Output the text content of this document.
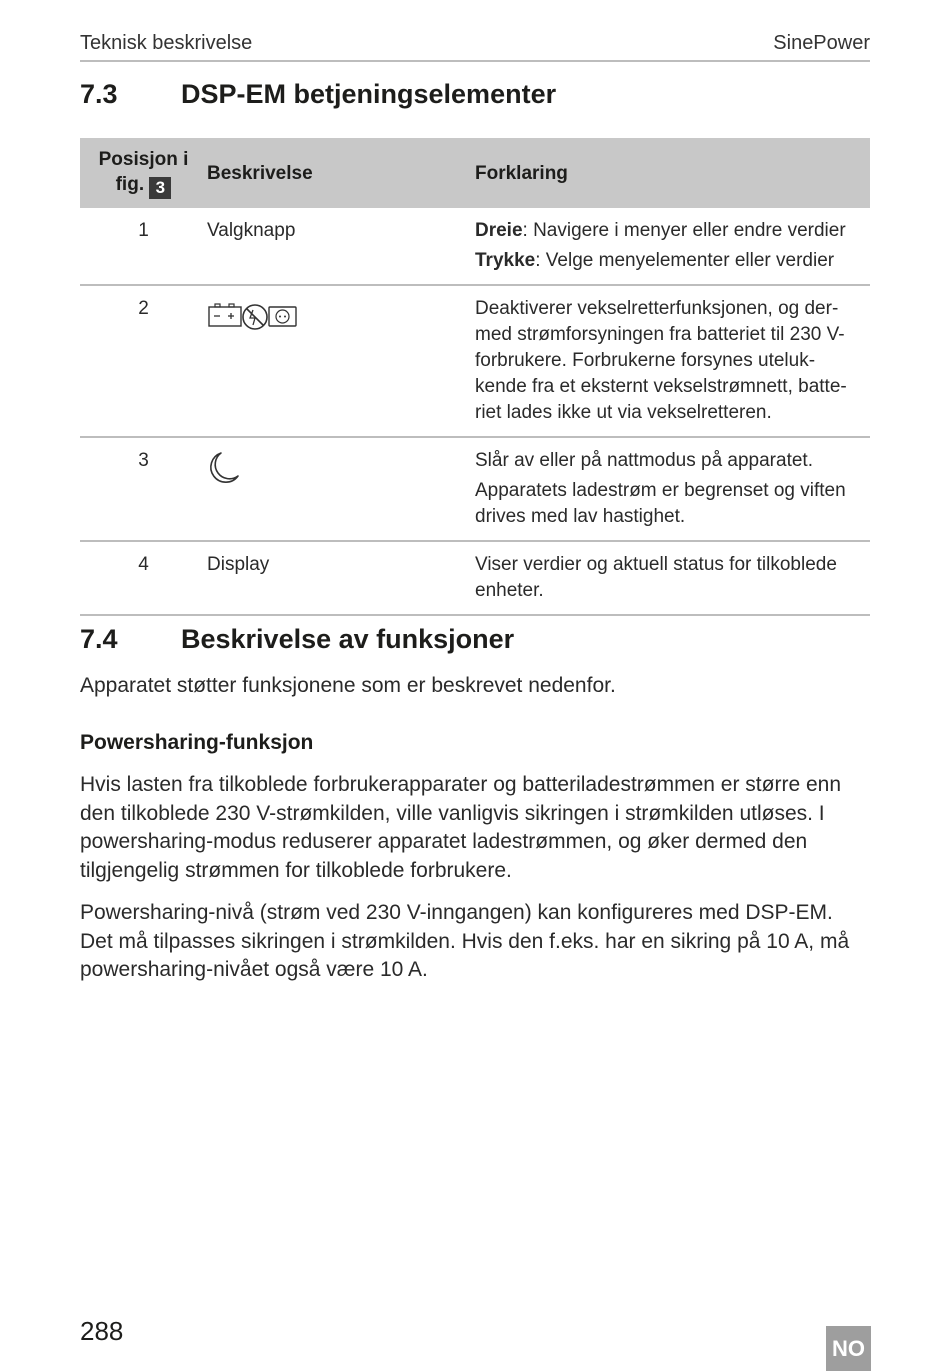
Teknisk beskrivelse	SinePower
7.3 DSP-EM betjeningselementer
Posisjon i
fig. 3	Beskrivelse	Forklaring
1	Valgknapp	Dreie: Navigere i menyer eller endre verdier

Trykke: Velge menyelementer eller verdier

2		Deaktiverer vekselretterfunksjonen, og der-med strømforsyningen fra batteriet til 230 V-forbrukere. Forbrukerne forsynes uteluk-kende fra et eksternt vekselstrømnett, batte-riet lades ikke ut via vekselretteren.
3		Slår av eller på nattmodus på apparatet.

Apparatets ladestrøm er begrenset og viften drives med lav hastighet.

4	Display	Viser verdier og aktuell status for tilkoblede enheter.
7.4 Beskrivelse av funksjoner
Apparatet støtter funksjonene som er beskrevet nedenfor.
Powersharing-funksjon

Hvis lasten fra tilkoblede forbrukerapparater og batteriladestrømmen er større enn den tilkoblede 230 V-strømkilden, ville vanligvis sikringen i strømkilden utløses. I powersharing-modus reduserer apparatet ladestrømmen, og øker dermed den tilgjengelig strømmen for tilkoblede forbrukere.

Powersharing-nivå (strøm ved 230 V-inngangen) kan konfigureres med DSP-EM. Det må tilpasses sikringen i strømkilden. Hvis den f.eks. har en sikring på 10 A, må powersharing-nivået også være 10 A.

288
NO
